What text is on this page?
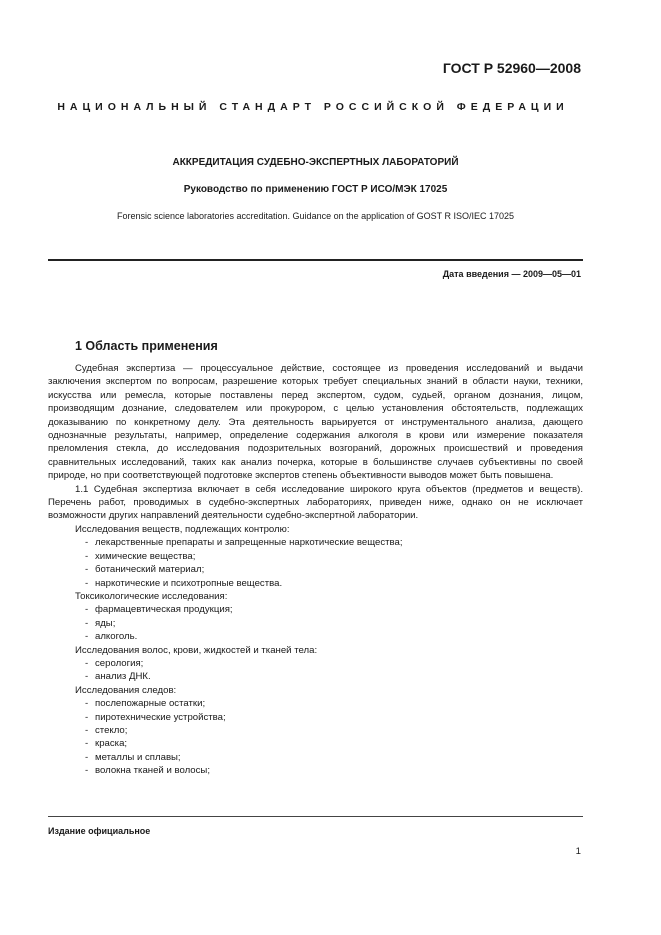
ГОСТ Р 52960—2008
НАЦИОНАЛЬНЫЙ СТАНДАРТ РОССИЙСКОЙ ФЕДЕРАЦИИ
АККРЕДИТАЦИЯ СУДЕБНО-ЭКСПЕРТНЫХ ЛАБОРАТОРИЙ
Руководство по применению ГОСТ Р ИСО/МЭК 17025
Forensic science laboratories accreditation. Guidance on the application of GOST R ISO/IEC 17025
Дата введения — 2009—05—01
1 Область применения

Судебная экспертиза — процессуальное действие, состоящее из проведения исследований и выдачи заключения экспертом по вопросам, разрешение которых требует специальных знаний в области науки, техники, искусства или ремесла, которые поставлены перед экспертом, судом, судьей, органом дознания, лицом, производящим дознание, следователем или прокурором, с целью установления обстоятельств, подлежащих доказыванию по конкретному делу. Эта деятельность варьируется от инструментального анализа, дающего однозначные результаты, например, определение содержания алкоголя в крови или измерение показателя преломления стекла, до исследования подозрительных возгораний, дорожных происшествий и проведения сравнительных исследований, таких как анализ почерка, которые в большинстве случаев субъективны по своей природе, но при соответствующей подготовке экспертов степень объективности выводов может быть повышена.

1.1 Судебная экспертиза включает в себя исследование широкого круга объектов (предметов и веществ). Перечень работ, проводимых в судебно-экспертных лабораториях, приведен ниже, однако он не исключает возможности других направлений деятельности судебно-экспертной лаборатории.

Исследования веществ, подлежащих контролю:
- лекарственные препараты и запрещенные наркотические вещества;
- химические вещества;
- ботанический материал;
- наркотические и психотропные вещества.
Токсикологические исследования:
- фармацевтическая продукция;
- яды;
- алкоголь.
Исследования волос, крови, жидкостей и тканей тела:
- серология;
- анализ ДНК.
Исследования следов:
- послепожарные остатки;
- пиротехнические устройства;
- стекло;
- краска;
- металлы и сплавы;
- волокна тканей и волосы;
Издание официальное
1
